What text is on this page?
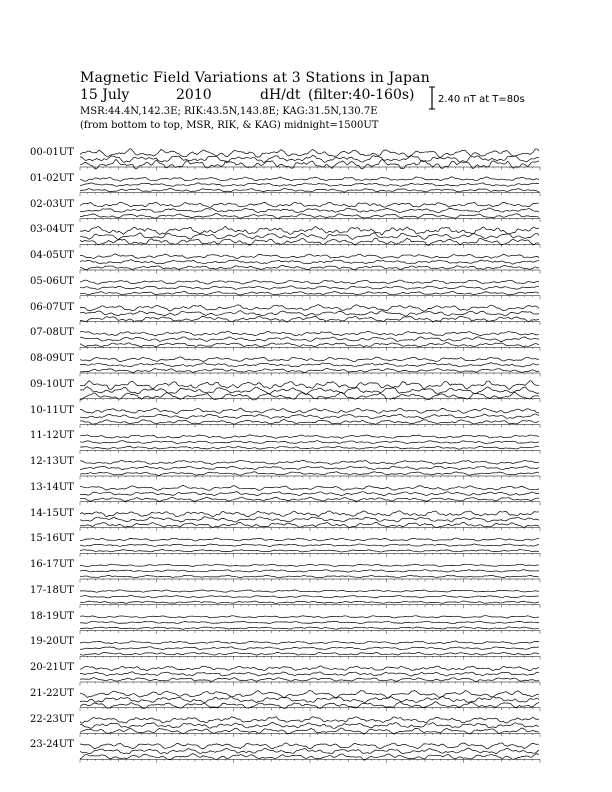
Magnetic Field Variations at 3 Stations in Japan
15 July	2010	dH/dt (filter:40-160s)
MSR:44.4N,142.3E; RIK:43.5N,143.8E; KAG:31.5N,130.7E
(from bottom to top, MSR, RIK, & KAG) midnight=1500UT
2.40 nT at T=80s
00-01UT
01-02UT
02-03UT
03-04UT
04-05UT
05-06UT
06-07UT
07-08UT
08-09UT
09-10UT
10-11UT
11-12UT
12-13UT
13-14UT
14-15UT
15-16UT
16-17UT
17-18UT
18-19UT
19-20UT
20-21UT
21-22UT
22-23UT
23-24UT
